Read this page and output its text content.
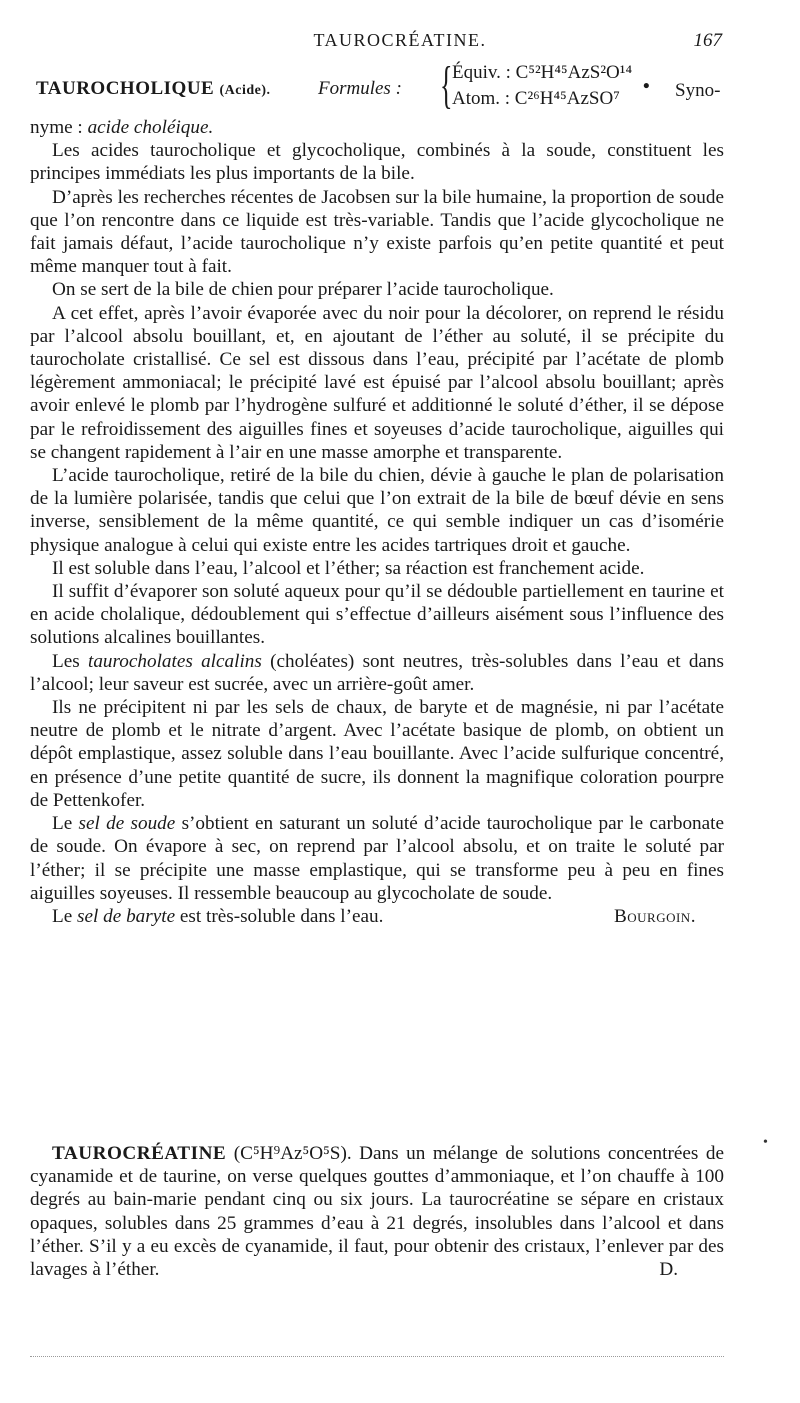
TAUROCRÉATINE.	167
TAUROCHOLIQUE (Acide). Formules : { Équiv. : C⁵²H⁴⁵AzS²O¹⁴
Atom. : C²⁶H⁴⁵AzSO⁷
• Syno-

nyme : acide choléique.

Les acides taurocholique et glycocholique, combinés à la soude, constituent les principes immédiats les plus importants de la bile.

D’après les recherches récentes de Jacobsen sur la bile humaine, la proportion de soude que l’on rencontre dans ce liquide est très-variable. Tandis que l’acide glycocholique ne fait jamais défaut, l’acide taurocholique n’y existe parfois qu’en petite quantité et peut même manquer tout à fait.

On se sert de la bile de chien pour préparer l’acide taurocholique.

A cet effet, après l’avoir évaporée avec du noir pour la décolorer, on reprend le résidu par l’alcool absolu bouillant, et, en ajoutant de l’éther au soluté, il se précipite du taurocholate cristallisé. Ce sel est dissous dans l’eau, précipité par l’acétate de plomb légèrement ammoniacal; le précipité lavé est épuisé par l’alcool absolu bouillant; après avoir enlevé le plomb par l’hydrogène sulfuré et additionné le soluté d’éther, il se dépose par le refroidissement des aiguilles fines et soyeuses d’acide taurocholique, aiguilles qui se changent rapidement à l’air en une masse amorphe et transparente.

L’acide taurocholique, retiré de la bile du chien, dévie à gauche le plan de polarisation de la lumière polarisée, tandis que celui que l’on extrait de la bile de bœuf dévie en sens inverse, sensiblement de la même quantité, ce qui semble indiquer un cas d’isomérie physique analogue à celui qui existe entre les acides tartriques droit et gauche.

Il est soluble dans l’eau, l’alcool et l’éther; sa réaction est franchement acide.

Il suffit d’évaporer son soluté aqueux pour qu’il se dédouble partiellement en taurine et en acide cholalique, dédoublement qui s’effectue d’ailleurs aisément sous l’influence des solutions alcalines bouillantes.

Les taurocholates alcalins (choléates) sont neutres, très-solubles dans l’eau et dans l’alcool; leur saveur est sucrée, avec un arrière-goût amer.

Ils ne précipitent ni par les sels de chaux, de baryte et de magnésie, ni par l’acétate neutre de plomb et le nitrate d’argent. Avec l’acétate basique de plomb, on obtient un dépôt emplastique, assez soluble dans l’eau bouillante. Avec l’acide sulfurique concentré, en présence d’une petite quantité de sucre, ils donnent la magnifique coloration pourpre de Pettenkofer.

Le sel de soude s’obtient en saturant un soluté d’acide taurocholique par le carbonate de soude. On évapore à sec, on reprend par l’alcool absolu, et on traite le soluté par l’éther; il se précipite une masse emplastique, qui se transforme peu à peu en fines aiguilles soyeuses. Il ressemble beaucoup au glycocholate de soude.

Le sel de baryte est très-soluble dans l’eau.	Bourgoin.

•

TAUROCRÉATINE (C⁵H⁹Az⁵O⁵S). Dans un mélange de solutions concentrées de cyanamide et de taurine, on verse quelques gouttes d’ammoniaque, et l’on chauffe à 100 degrés au bain-marie pendant cinq ou six jours. La taurocréatine se sépare en cristaux opaques, solubles dans 25 grammes d’eau à 21 degrés, insolubles dans l’alcool et dans l’éther. S’il y a eu excès de cyanamide, il faut, pour obtenir des cristaux, l’enlever par des lavages à l’éther.	D.
